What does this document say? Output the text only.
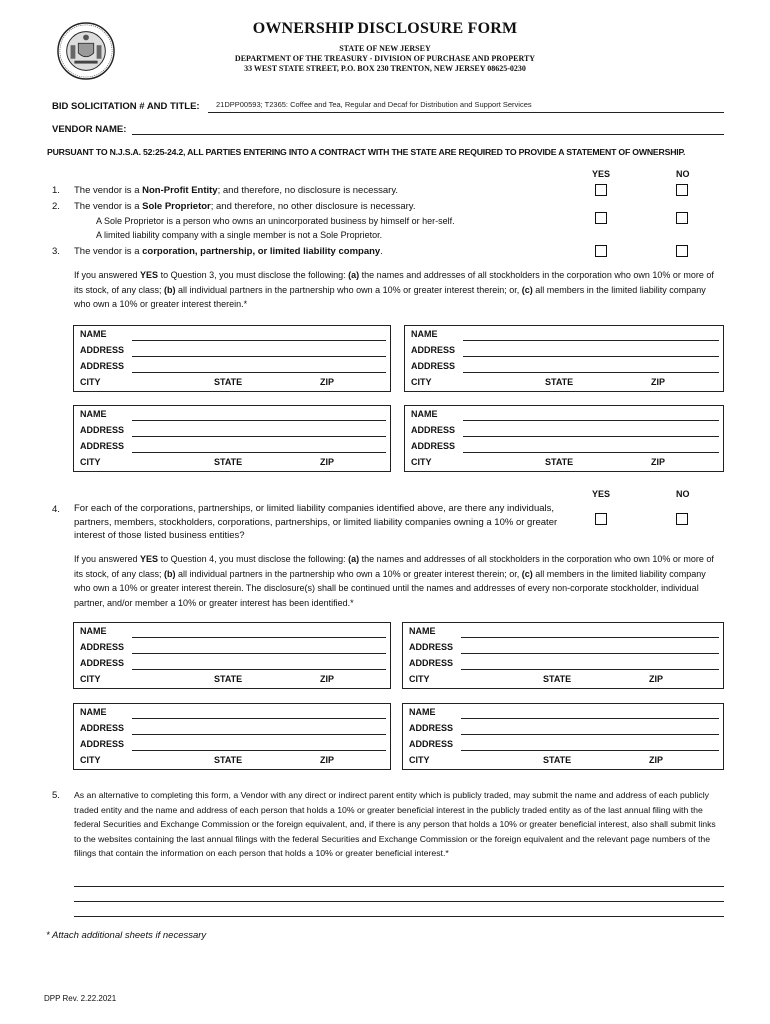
OWNERSHIP DISCLOSURE FORM
STATE OF NEW JERSEY
DEPARTMENT OF THE TREASURY - DIVISION OF PURCHASE AND PROPERTY
33 WEST STATE STREET, P.O. BOX 230 TRENTON, NEW JERSEY 08625-0230
BID SOLICITATION # AND TITLE: 21DPP00593; T2365: Coffee and Tea, Regular and Decaf for Distribution and Support Services
VENDOR NAME:
PURSUANT TO N.J.S.A. 52:25-24.2, ALL PARTIES ENTERING INTO A CONTRACT WITH THE STATE ARE REQUIRED TO PROVIDE A STATEMENT OF OWNERSHIP.
YES	NO
1. The vendor is a Non-Profit Entity; and therefore, no disclosure is necessary.
2. The vendor is a Sole Proprietor; and therefore, no other disclosure is necessary.
A Sole Proprietor is a person who owns an unincorporated business by himself or her-self.
A limited liability company with a single member is not a Sole Proprietor.
3. The vendor is a corporation, partnership, or limited liability company.
If you answered YES to Question 3, you must disclose the following: (a) the names and addresses of all stockholders in the corporation who own 10% or more of its stock, of any class; (b) all individual partners in the partnership who own a 10% or greater interest therein; or, (c) all members in the limited liability company who own a 10% or greater interest therein.*
NAME
ADDRESS
ADDRESS
CITY	STATE	ZIP
NAME
ADDRESS
ADDRESS
CITY	STATE	ZIP
NAME
ADDRESS
ADDRESS
CITY	STATE	ZIP
NAME
ADDRESS
ADDRESS
CITY	STATE	ZIP
YES	NO
4. For each of the corporations, partnerships, or limited liability companies identified above, are there any individuals, partners, members, stockholders, corporations, partnerships, or limited liability companies owning a 10% or greater interest of those listed business entities?
If you answered YES to Question 4, you must disclose the following: (a) the names and addresses of all stockholders in the corporation who own 10% or more of its stock, of any class; (b) all individual partners in the partnership who own a 10% or greater interest therein; or, (c) all members in the limited liability company who own a 10% or greater interest therein. The disclosure(s) shall be continued until the names and addresses of every non-corporate stockholder, individual partner, and/or member a 10% or greater interest has been identified.*
NAME
ADDRESS
ADDRESS
CITY	STATE	ZIP
NAME
ADDRESS
ADDRESS
CITY	STATE	ZIP
NAME
ADDRESS
ADDRESS
CITY	STATE	ZIP
NAME
ADDRESS
ADDRESS
CITY	STATE	ZIP
5. As an alternative to completing this form, a Vendor with any direct or indirect parent entity which is publicly traded, may submit the name and address of each publicly traded entity and the name and address of each person that holds a 10% or greater beneficial interest in the publicly traded entity as of the last annual filing with the federal Securities and Exchange Commission or the foreign equivalent, and, if there is any person that holds a 10% or greater beneficial interest, also shall submit links to the websites containing the last annual filings with the federal Securities and Exchange Commission or the foreign equivalent and the relevant page numbers of the filings that contain the information on each person that holds a 10% or greater beneficial interest.*
* Attach additional sheets if necessary
DPP Rev. 2.22.2021
